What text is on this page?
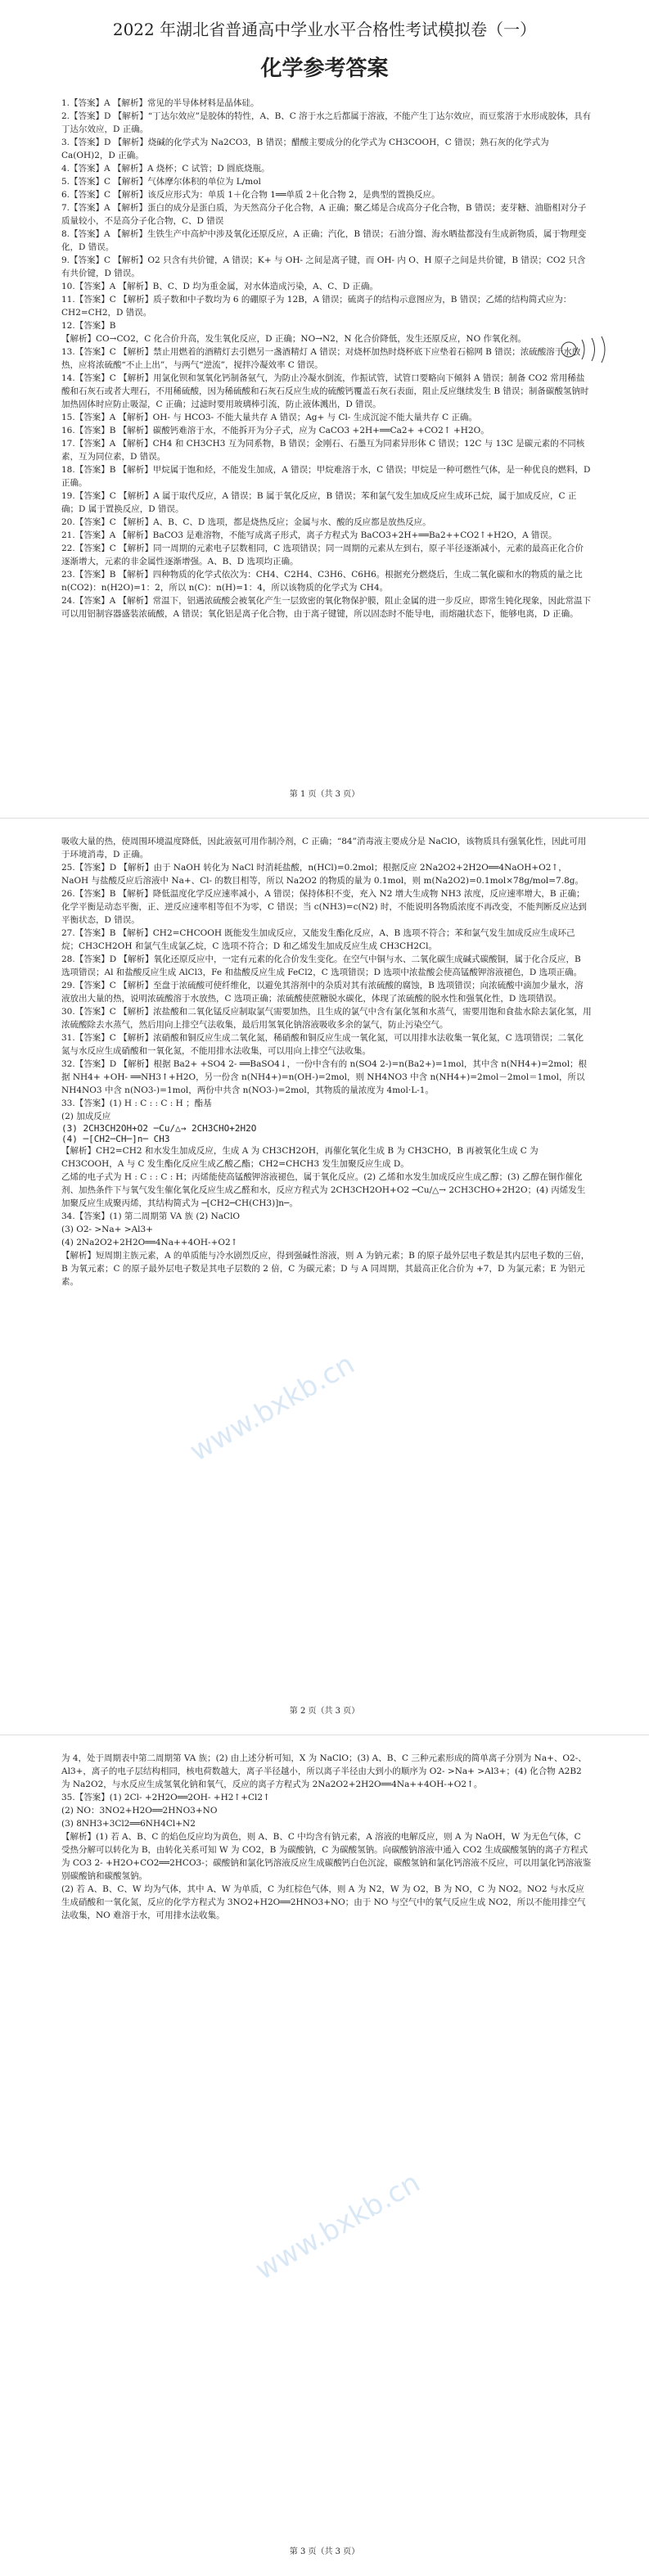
2022 年湖北省普通高中学业水平合格性考试模拟卷（一）
化学参考答案

1.【答案】A 【解析】常见的半导体材料是晶体硅。

2.【答案】D 【解析】“丁达尔效应”是胶体的特性，A、B、C 溶于水之后都属于溶液，不能产生丁达尔效应，而豆浆溶于水形成胶体，具有丁达尔效应，D 正确。

3.【答案】D 【解析】烧碱的化学式为 Na2CO3，B 错误；醋酸主要成分的化学式为 CH3COOH，C 错误；熟石灰的化学式为 Ca(OH)2，D 正确。

4.【答案】A 【解析】A 烧杯；C 试管；D 圆底烧瓶。

5.【答案】C 【解析】气体摩尔体积的单位为 L/mol

6.【答案】C 【解析】该反应形式为：单质 1＋化合物 1══单质 2＋化合物 2，是典型的置换反应。

7.【答案】A 【解析】蛋白的成分是蛋白质，为天然高分子化合物，A 正确；聚乙烯是合成高分子化合物，B 错误；麦芽糖、油脂相对分子质量较小，不是高分子化合物，C、D 错误

8.【答案】A 【解析】生铁生产中高炉中涉及氧化还原反应，A 正确；汽化，B 错误；石油分馏、海水晒盐都没有生成新物质，属于物理变化，D 错误。

9.【答案】C 【解析】O2 只含有共价键，A 错误；K+ 与 OH- 之间是离子键，而 OH- 内 O、H 原子之间是共价键，B 错误；CO2 只含有共价键，D 错误。

10.【答案】A 【解析】B、C、D 均为重金属，对水体造成污染，A、C、D 正确。

11.【答案】C 【解析】质子数和中子数均为 6 的硼原子为 12B，A 错误；硫离子的结构示意图应为，B 错误；乙烯的结构简式应为：CH2=CH2，D 错误。

12.【答案】B

【解析】CO→CO2，C 化合价升高，发生氧化反应，D 正确；NO→N2，N 化合价降低，发生还原反应，NO 作氧化剂。

13.【答案】C 【解析】禁止用燃着的酒精灯去引燃另一盏酒精灯 A 错误；对烧杯加热时烧杯底下应垫着石棉网 B 错误；浓硫酸溶于水放热，应将浓硫酸“不止上出”，与两气“逆流”，搅拌冷凝效率 C 错误。

14.【答案】C 【解析】用氯化钡和氢氧化钙制备氨气，为防止冷凝水倒流，作振试管，试管口要略向下倾斜 A 错误；制备 CO2 常用稀盐酸和石灰石或者大理石，不用稀硫酸，因为稀硫酸和石灰石反应生成的硫酸钙覆盖石灰石表面，阻止反应继续发生 B 错误；制备碳酸氢钠时加热固体时应防止吸湿，C 正确；过滤时要用玻璃棒引流，防止液体溅出，D 错误。

15.【答案】A 【解析】OH- 与 HCO3- 不能大量共存 A 错误；Ag+ 与 Cl- 生成沉淀不能大量共存 C 正确。

16.【答案】B 【解析】碳酸钙难溶于水，不能拆开为分子式，应为 CaCO3 +2H+══Ca2+ +CO2↑ +H2O。

17.【答案】A 【解析】CH4 和 CH3CH3 互为同系物，B 错误；金刚石、石墨互为同素异形体 C 错误；12C 与 13C 是碳元素的不同核素，互为同位素，D 错误。

18.【答案】B 【解析】甲烷属于饱和烃，不能发生加成，A 错误；甲烷难溶于水，C 错误；甲烷是一种可燃性气体，是一种优良的燃料，D 正确。

19.【答案】C 【解析】A 属于取代反应，A 错误；B 属于氧化反应，B 错误；苯和氯气发生加成反应生成环己烷，属于加成反应，C 正确；D 属于置换反应，D 错误。

20.【答案】C 【解析】A、B、C、D 选项，都是烧热反应；金属与水、酸的反应都是放热反应。

21.【答案】A 【解析】BaCO3 是难溶物，不能写成离子形式，离子方程式为 BaCO3+2H+══Ba2++CO2↑+H2O，A 错误。

22.【答案】C 【解析】同一周期的元素电子层数相同，C 选项错误；同一周期的元素从左到右，原子半径逐渐减小，元素的最高正化合价逐渐增大，元素的非金属性逐渐增强。A、B、D 选项均正确。

23.【答案】B 【解析】四种物质的化学式依次为：CH4、C2H4、C3H6、C6H6。根据充分燃烧后，生成二氧化碳和水的物质的量之比 n(CO2)：n(H2O)=1：2，所以 n(C)：n(H)=1：4，所以该物质的化学式为 CH4。

24.【答案】A 【解析】常温下，铝遇浓硫酸会被氧化产生一层致密的氧化物保护膜，阻止金属的进一步反应，即常生钝化现象，因此常温下可以用铝制容器盛装浓硫酸，A 错误；氧化铝是离子化合物，由于离子键键，所以固态时不能导电，而熔融状态下，能够电离，D 正确。

第 1 页（共 3 页）

吸收大量的热，使周围环境温度降低，因此液氨可用作制冷剂，C 正确；“84”消毒液主要成分是 NaClO，该物质具有强氧化性，因此可用于环境消毒，D 正确。

25.【答案】D 【解析】由于 NaOH 转化为 NaCl 时消耗盐酸，n(HCl)=0.2mol；根据反应 2Na2O2+2H2O══4NaOH+O2↑，NaOH 与盐酸反应后溶液中 Na+、Cl- 的数目相等，所以 Na2O2 的物质的量为 0.1mol，则 m(Na2O2)=0.1mol×78g/mol=7.8g。

26.【答案】B 【解析】降低温度化学反应速率减小，A 错误；保持体积不变，充入 N2 增大生成物 NH3 浓度，反应速率增大，B 正确；化学平衡是动态平衡，正、逆反应速率相等但不为零，C 错误；当 c(NH3)=c(N2) 时，不能说明各物质浓度不再改变，不能判断反应达到平衡状态，D 错误。

27.【答案】B 【解析】CH2=CHCOOH 既能发生加成反应，又能发生酯化反应，A、B 选项不符合；苯和氯气发生加成反应生成环己烷；CH3CH2OH 和氯气生成氯乙烷，C 选项不符合；D 和乙烯发生加成反应生成 CH3CH2Cl。

28.【答案】D 【解析】氧化还原反应中，一定有元素的化合价发生变化。在空气中铜与水、二氧化碳生成碱式碳酸铜，属于化合反应，B 选项错误；Al 和盐酸反应生成 AlCl3，Fe 和盐酸反应生成 FeCl2，C 选项错误；D 选项中浓盐酸会使高锰酸钾溶液褪色，D 选项正确。

29.【答案】C 【解析】至盘于浓硫酸可使纤维化，以避免其溶剂中的杂质对其有浓硫酸的腐蚀，B 选项错误；向浓硫酸中滴加少量水，溶液放出大量的热，说明浓硫酸溶于水放热，C 选项正确；浓硫酸使蔗糖脱水碳化，体现了浓硫酸的脱水性和强氧化性，D 选项错误。

30.【答案】C 【解析】浓盐酸和二氧化锰反应制取氯气需要加热，且生成的氯气中含有氯化氢和水蒸气，需要用饱和食盐水除去氯化氢，用浓硫酸除去水蒸气，然后用向上排空气法收集，最后用氢氧化钠溶液吸收多余的氯气，防止污染空气。

31.【答案】C 【解析】浓硝酸和铜反应生成二氧化氮，稀硝酸和铜反应生成一氧化氮，可以用排水法收集一氧化氮，C 选项错误；二氧化氮与水反应生成硝酸和一氧化氮，不能用排水法收集，可以用向上排空气法收集。

32.【答案】D 【解析】根据 Ba2+ +SO4 2- ══BaSO4↓，一份中含有的 n(SO4 2-)=n(Ba2+)=1mol，其中含 n(NH4+)=2mol；根据 NH4+ +OH- ══NH3↑+H2O，另一份含 n(NH4+)=n(OH-)=2mol，则 NH4NO3 中含 n(NH4+)=2mol－2mol＝1mol，所以 NH4NO3 中含 n(NO3-)=1mol，两份中共含 n(NO3-)=2mol，其物质的量浓度为 4mol·L-1。

33.【答案】(1) H : C : : C : H ；酯基

(2) 加成反应

(3) 2CH3CH2OH+O2 ─Cu/△→ 2CH3CHO+2H2O

(4) ─[CH2─CH─]n─ CH3

【解析】CH2=CH2 和水发生加成反应，生成 A 为 CH3CH2OH，再催化氧化生成 B 为 CH3CHO，B 再被氧化生成 C 为 CH3COOH，A 与 C 发生酯化反应生成乙酸乙酯；CH2=CHCH3 发生加聚反应生成 D。

乙烯的电子式为 H : C : : C : H；丙烯能使高锰酸钾溶液褪色，属于氧化反应。(2) 乙烯和水发生加成反应生成乙醇；(3) 乙醇在铜作催化剂、加热条件下与氧气发生催化氧化反应生成乙醛和水，反应方程式为 2CH3CH2OH+O2 ─Cu/△→ 2CH3CHO+2H2O；(4) 丙烯发生加聚反应生成聚丙烯，其结构简式为 ─[CH2─CH(CH3)]n─。

34.【答案】(1) 第二周期第 VA 族 (2) NaClO

(3) O2- >Na+ >Al3+

(4) 2Na2O2+2H2O══4Na++4OH-+O2↑

【解析】短周期主族元素，A 的单质能与冷水剧烈反应，得到强碱性溶液，则 A 为钠元素；B 的原子最外层电子数是其内层电子数的三倍，B 为氧元素；C 的原子最外层电子数是其电子层数的 2 倍，C 为碳元素；D 与 A 同周期，其最高正化合价为 +7，D 为氯元素；E 为铝元素。

第 2 页（共 3 页）

为 4，处于周期表中第二周期第 VA 族；(2) 由上述分析可知，X 为 NaClO；(3) A、B、C 三种元素形成的简单离子分别为 Na+、O2-、Al3+，离子的电子层结构相同，核电荷数越大，离子半径越小，所以离子半径由大到小的顺序为 O2- >Na+ >Al3+；(4) 化合物 A2B2 为 Na2O2，与水反应生成氢氧化钠和氧气，反应的离子方程式为 2Na2O2+2H2O══4Na++4OH-+O2↑。

35.【答案】(1) 2Cl- +2H2O══2OH- +H2↑+Cl2↑

(2) NO：3NO2+H2O══2HNO3+NO

(3) 8NH3+3Cl2══6NH4Cl+N2

【解析】(1) 若 A、B、C 的焰色反应均为黄色，则 A、B、C 中均含有钠元素，A 溶液的电解反应，则 A 为 NaOH，W 为无色气体，C 受热分解可以转化为 B，由转化关系可知 W 为 CO2，B 为碳酸钠，C 为碳酸氢钠。向碳酸钠溶液中通入 CO2 生成碳酸氢钠的离子方程式为 CO3 2- +H2O+CO2══2HCO3-；碳酸钠和氯化钙溶液反应生成碳酸钙白色沉淀，碳酸氢钠和氯化钙溶液不反应，可以用氯化钙溶液鉴别碳酸钠和碳酸氢钠。

(2) 若 A、B、C、W 均为气体，其中 A、W 为单质，C 为红棕色气体，则 A 为 N2，W 为 O2，B 为 NO，C 为 NO2。NO2 与水反应生成硝酸和一氧化氮，反应的化学方程式为 3NO2+H2O══2HNO3+NO；由于 NO 与空气中的氧气反应生成 NO2，所以不能用排空气法收集，NO 难溶于水，可用排水法收集。

第 3 页（共 3 页）
www.bxkb.cn
www.bxkb.cn
